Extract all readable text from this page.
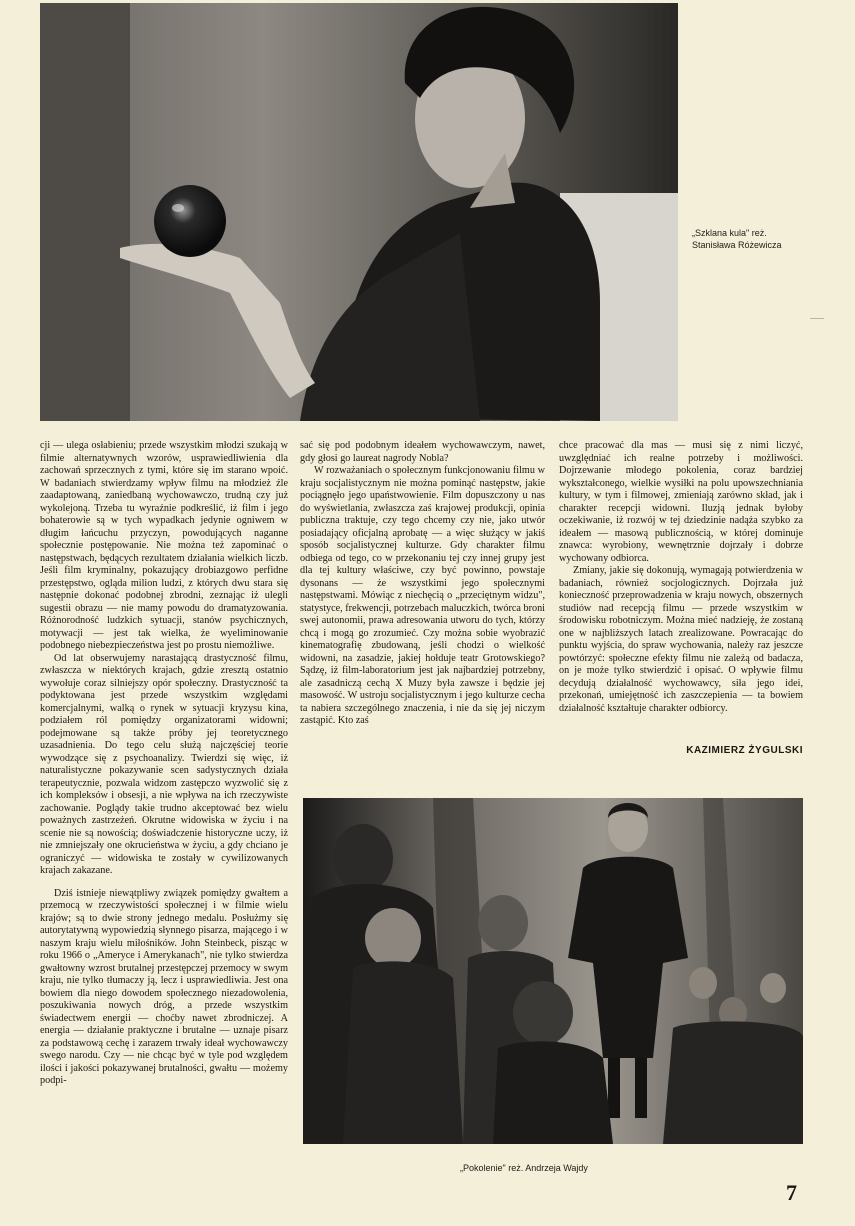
„Szklana kula" reż.
Stanisława Różewicza

cji — ulega osłabieniu; przede wszystkim młodzi szukają w filmie alternatywnych wzorów, usprawiedliwienia dla zachowań sprzecznych z tymi, które się im starano wpoić. W badaniach stwierdzamy wpływ filmu na młodzież źle zaadaptowaną, zaniedbaną wychowawczo, trudną czy już wykolejoną. Trzeba tu wyraźnie podkreślić, iż film i jego bohaterowie są w tych wypadkach jedynie ogniwem w długim łańcuchu przyczyn, powodujących naganne społecznie postępowanie. Nie można też zapominać o następstwach, będących rezultatem działania wielkich liczb. Jeśli film kryminalny, pokazujący drobiazgowo perfidne przestępstwo, ogląda milion ludzi, z których dwu stara się następnie dokonać podobnej zbrodni, zeznając iż ulegli sugestii obrazu — nie mamy powodu do dramatyzowania. Różnorodność ludzkich sytuacji, stanów psychicznych, motywacji — jest tak wielka, że wyeliminowanie podobnego niebezpieczeństwa jest po prostu niemożliwe.

Od lat obserwujemy narastającą drastyczność filmu, zwłaszcza w niektórych krajach, gdzie zresztą ostatnio wywołuje coraz silniejszy opór społeczny. Drastyczność ta podyktowana jest przede wszystkim względami komercjalnymi, walką o rynek w sytuacji kryzysu kina, podziałem ról pomiędzy organizatorami widowni; podejmowane są także próby jej teoretycznego uzasadnienia. Do tego celu służą najczęściej teorie wywodzące się z psychoanalizy. Twierdzi się więc, iż naturalistyczne pokazywanie scen sadystycznych działa terapeutycznie, pozwala widzom zastępczo wyzwolić się z ich kompleksów i obsesji, a nie wpływa na ich rzeczywiste zachowanie. Poglądy takie trudno akceptować bez wielu poważnych zastrzeżeń. Okrutne widowiska w życiu i na scenie nie są nowością; doświadczenie historyczne uczy, iż nie zmniejszały one okrucieństwa w życiu, a gdy chciano je ograniczyć — widowiska te zostały w cywilizowanych krajach zakazane.

Dziś istnieje niewątpliwy związek pomiędzy gwałtem a przemocą w rzeczywistości społecznej i w filmie wielu krajów; są to dwie strony jednego medalu. Posłużmy się autorytatywną wypowiedzią słynnego pisarza, mającego i w naszym kraju wielu miłośników. John Steinbeck, pisząc w roku 1966 o „Ameryce i Amerykanach", nie tylko stwierdza gwałtowny wzrost brutalnej przestępczej przemocy w swym kraju, nie tylko tłumaczy ją, lecz i usprawiedliwia. Jest ona bowiem dla niego dowodem społecznego niezadowolenia, poszukiwania nowych dróg, a przede wszystkim świadectwem energii — choćby nawet zbrodniczej. A energia — działanie praktyczne i brutalne — uznaje pisarz za podstawową cechę i zarazem trwały ideał wychowawczy swego narodu. Czy — nie chcąc być w tyle pod względem ilości i jakości pokazywanej brutalności, gwałtu — możemy podpi-

sać się pod podobnym ideałem wychowawczym, nawet, gdy głosi go laureat nagrody Nobla?

W rozważaniach o społecznym funkcjonowaniu filmu w kraju socjalistycznym nie można pominąć następstw, jakie pociągnęło jego upaństwowienie. Film dopuszczony u nas do wyświetlania, zwłaszcza zaś krajowej produkcji, opinia publiczna traktuje, czy tego chcemy czy nie, jako utwór posiadający oficjalną aprobatę — a więc służący w jakiś sposób socjalistycznej kulturze. Gdy charakter filmu odbiega od tego, co w przekonaniu tej czy innej grupy jest dla tej kultury właściwe, czy być powinno, powstaje dysonans — że wszystkimi jego społecznymi następstwami. Mówiąc z niechęcią o „przeciętnym widzu", statystyce, frekwencji, potrzebach maluczkich, twórca broni swej autonomii, prawa adresowania utworu do tych, którzy chcą i mogą go zrozumieć. Czy można sobie wyobrazić kinematografię zbudowaną, jeśli chodzi o wielkość widowni, na zasadzie, jakiej hołduje teatr Grotowskiego? Sądzę, iż film-laboratorium jest jak najbardziej potrzebny, ale zasadniczą cechą X Muzy była zawsze i będzie jej masowość. W ustroju socjalistycznym i jego kulturze cecha ta nabiera szczególnego znaczenia, i nie da się jej niczym zastąpić. Kto zaś

chce pracować dla mas — musi się z nimi liczyć, uwzględniać ich realne potrzeby i możliwości. Dojrzewanie młodego pokolenia, coraz bardziej wykształconego, wielkie wysiłki na polu upowszechniania kultury, w tym i filmowej, zmieniają zarówno skład, jak i charakter recepcji widowni. Iluzją jednak byłoby oczekiwanie, iż rozwój w tej dziedzinie nadąża szybko za ideałem — masową publicznością, w której dominuje znawca: wyrobiony, wewnętrznie dojrzały i dobrze wychowany odbiorca.

Zmiany, jakie się dokonują, wymagają potwierdzenia w badaniach, również socjologicznych. Dojrzała już konieczność przeprowadzenia w kraju nowych, obszernych studiów nad recepcją filmu — przede wszystkim w środowisku robotniczym. Można mieć nadzieję, że zostaną one w najbliższych latach zrealizowane. Powracając do punktu wyjścia, do spraw wychowania, należy raz jeszcze powtórzyć: społeczne efekty filmu nie zależą od badacza, on je może tylko stwierdzić i opisać. O wpływie filmu decydują działalność wychowawcy, siła jego idei, przekonań, umiejętność ich zaszczepienia — ta bowiem działalność kształtuje charakter odbiorcy.

KAZIMIERZ ŻYGULSKI
„Pokolenie" reż. Andrzeja Wajdy
7
